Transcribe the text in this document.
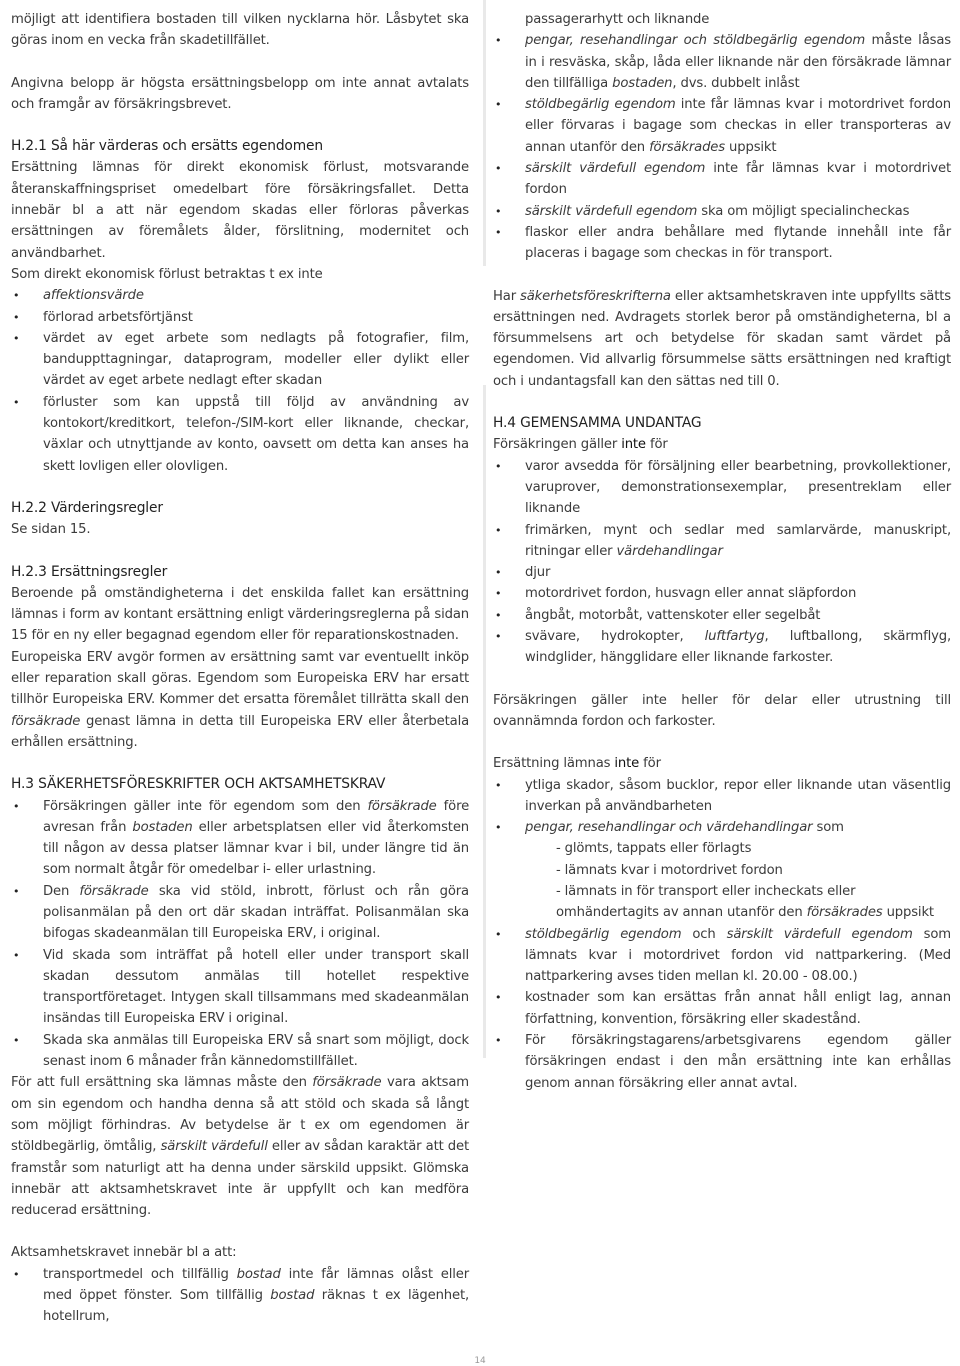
möjligt att identifiera bostaden till vilken nycklarna hör. Låsbytet ska göras inom en vecka från skadetillfället.

Angivna belopp är högsta ersättningsbelopp om inte annat avtalats och framgår av försäkringsbrevet.

H.2.1 Så här värderas och ersätts egendomen

Ersättning lämnas för direkt ekonomisk förlust, motsvarande återanskaffningspriset omedelbart före försäkringsfallet. Detta innebär bl a att när egendom skadas eller förloras påverkas ersättningen av föremålets ålder, förslitning, modernitet och användbarhet.

Som direkt ekonomisk förlust betraktas t ex inte

• affektionsvärde
• förlorad arbetsförtjänst
• värdet av eget arbete som nedlagts på fotografier, film, banduppttagningar, dataprogram, modeller eller dylikt eller värdet av eget arbete nedlagt efter skadan
• förluster som kan uppstå till följd av användning av kontokort/kreditkort, telefon-/SIM-kort eller liknande, checkar, växlar och utnyttjande av konto, oavsett om detta kan anses ha skett lovligen eller olovligen.
H.2.2 Värderingsregler

Se sidan 15.

H.2.3 Ersättningsregler

Beroende på omständigheterna i det enskilda fallet kan ersättning lämnas i form av kontant ersättning enligt värderingsreglerna på sidan 15 för en ny eller begagnad egendom eller för reparationskostnaden.

Europeiska ERV avgör formen av ersättning samt var eventuellt inköp eller reparation skall göras. Egendom som Europeiska ERV har ersatt tillhör Europeiska ERV. Kommer det ersatta föremålet tillrätta skall den försäkrade genast lämna in detta till Europeiska ERV eller återbetala erhållen ersättning.

H.3 SÄKERHETSFÖRESKRIFTER OCH AKTSAMHETSKRAV
• Försäkringen gäller inte för egendom som den försäkrade före avresan från bostaden eller arbetsplatsen eller vid återkomsten till någon av dessa platser lämnar kvar i bil, under längre tid än som normalt åtgår för omedelbar i- eller urlastning.
• Den försäkrade ska vid stöld, inbrott, förlust och rån göra polisanmälan på den ort där skadan inträffat. Polisanmälan ska bifogas skadeanmälan till Europeiska ERV, i original.
• Vid skada som inträffat på hotell eller under transport skall skadan dessutom anmälas till hotellet respektive transportföretaget. Intygen skall tillsammans med skadeanmälan insändas till Europeiska ERV i original.
• Skada ska anmälas till Europeiska ERV så snart som möjligt, dock senast inom 6 månader från kännedomstillfället.

För att full ersättning ska lämnas måste den försäkrade vara aktsam om sin egendom och handha denna så att stöld och skada så långt som möjligt förhindras. Av betydelse är t ex om egendomen är stöldbegärlig, ömtålig, särskilt värdefull eller av sådan karaktär att det framstår som naturligt att ha denna under särskild uppsikt. Glömska innebär att aktsamhetskravet inte är uppfyllt och kan medföra reducerad ersättning.

Aktsamhetskravet innebär bl a att:

• transportmedel och tillfällig bostad inte får lämnas olåst eller med öppet fönster. Som tillfällig bostad räknas t ex lägenhet, hotellrum,

passagerarhytt och liknande

• pengar, resehandlingar och stöldbegärlig egendom måste låsas in i resväska, skåp, låda eller liknande när den försäkrade lämnar den tillfälliga bostaden, dvs. dubbelt inlåst
• stöldbegärlig egendom inte får lämnas kvar i motordrivet fordon eller förvaras i bagage som checkas in eller transporteras av annan utanför den försäkrades uppsikt
• särskilt värdefull egendom inte får lämnas kvar i motordrivet fordon
• särskilt värdefull egendom ska om möjligt specialincheckas
• flaskor eller andra behållare med flytande innehåll inte får placeras i bagage som checkas in för transport.

Har säkerhetsföreskrifterna eller aktsamhetskraven inte uppfyllts sätts ersättningen ned. Avdragets storlek beror på omständigheterna, bl a försummelsens art och betydelse för skadan samt värdet på egendomen. Vid allvarlig försummelse sätts ersättningen ned kraftigt och i undantagsfall kan den sättas ned till 0.

H.4 GEMENSAMMA UNDANTAG

Försäkringen gäller inte för

• varor avsedda för försäljning eller bearbetning, provkollektioner, varuprover, demonstrationsexemplar, presentreklam eller liknande
• frimärken, mynt och sedlar med samlarvärde, manuskript, ritningar eller värdehandlingar
• djur
• motordrivet fordon, husvagn eller annat släpfordon
• ångbåt, motorbåt, vattenskoter eller segelbåt
• svävare, hydrokopter, luftfartyg, luftballong, skärmflyg, windglider, hängglidare eller liknande farkoster.

Försäkringen gäller inte heller för delar eller utrustning till ovannämnda fordon och farkoster.

Ersättning lämnas inte för

• ytliga skador, såsom bucklor, repor eller liknande utan väsentlig inverkan på användbarheten
• pengar, resehandlingar och värdehandlingar som
- glömts, tappats eller förlagts
- lämnats kvar i motordrivet fordon
- lämnats in för transport eller incheckats eller omhändertagits av annan utanför den försäkrades uppsikt
• stöldbegärlig egendom och särskilt värdefull egendom som lämnats kvar i motordrivet fordon vid nattparkering. (Med nattparkering avses tiden mellan kl. 20.00 - 08.00.)
• kostnader som kan ersättas från annat håll enligt lag, annan författning, konvention, försäkring eller skadestånd.
• För försäkringstagarens/arbetsgivarens egendom gäller försäkringen endast i den mån ersättning inte kan erhållas genom annan försäkring eller annat avtal.
14
